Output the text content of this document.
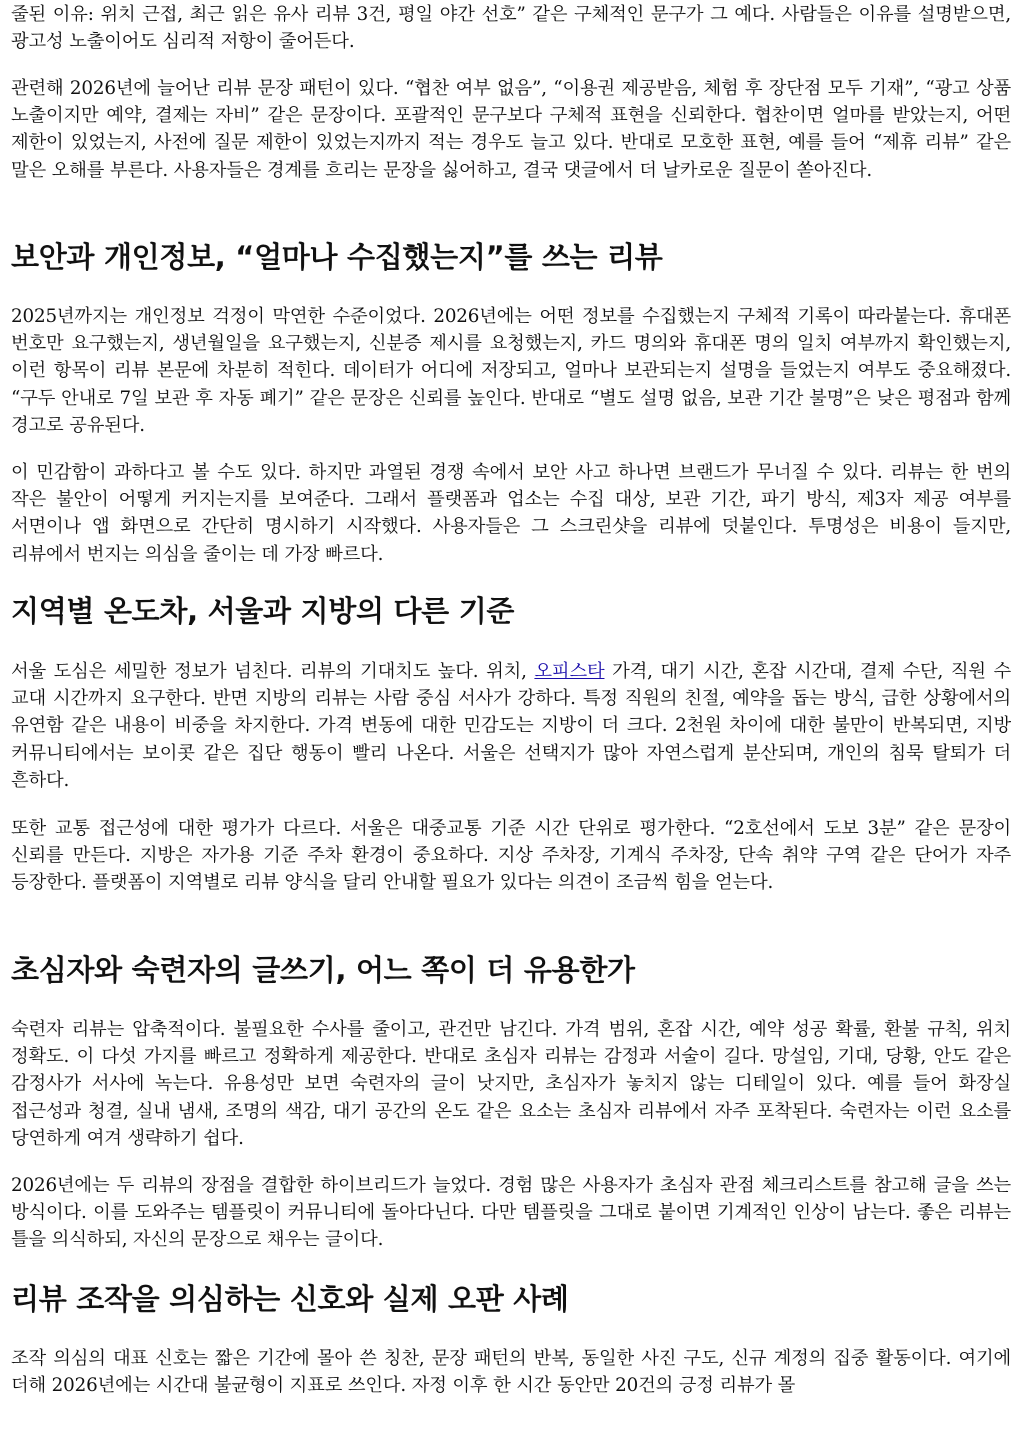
줄된 이유: 위치 근접, 최근 읽은 유사 리뷰 3건, 평일 야간 선호” 같은 구체적인 문구가 그 예다. 사람들은 이유를 설명받으면, 광고성 노출이어도 심리적 저항이 줄어든다.

관련해 2026년에 늘어난 리뷰 문장 패턴이 있다. “협찬 여부 없음”, “이용권 제공받음, 체험 후 장단점 모두 기재”, “광고 상품 노출이지만 예약, 결제는 자비” 같은 문장이다. 포괄적인 문구보다 구체적 표현을 신뢰한다. 협찬이면 얼마를 받았는지, 어떤 제한이 있었는지, 사전에 질문 제한이 있었는지까지 적는 경우도 늘고 있다. 반대로 모호한 표현, 예를 들어 “제휴 리뷰” 같은 말은 오해를 부른다. 사용자들은 경계를 흐리는 문장을 싫어하고, 결국 댓글에서 더 날카로운 질문이 쏟아진다.

보안과 개인정보, “얼마나 수집했는지”를 쓰는 리뷰

2025년까지는 개인정보 걱정이 막연한 수준이었다. 2026년에는 어떤 정보를 수집했는지 구체적 기록이 따라붙는다. 휴대폰 번호만 요구했는지, 생년월일을 요구했는지, 신분증 제시를 요청했는지, 카드 명의와 휴대폰 명의 일치 여부까지 확인했는지, 이런 항목이 리뷰 본문에 차분히 적힌다. 데이터가 어디에 저장되고, 얼마나 보관되는지 설명을 들었는지 여부도 중요해졌다. “구두 안내로 7일 보관 후 자동 폐기” 같은 문장은 신뢰를 높인다. 반대로 “별도 설명 없음, 보관 기간 불명”은 낮은 평점과 함께 경고로 공유된다.

이 민감함이 과하다고 볼 수도 있다. 하지만 과열된 경쟁 속에서 보안 사고 하나면 브랜드가 무너질 수 있다. 리뷰는 한 번의 작은 불안이 어떻게 커지는지를 보여준다. 그래서 플랫폼과 업소는 수집 대상, 보관 기간, 파기 방식, 제3자 제공 여부를 서면이나 앱 화면으로 간단히 명시하기 시작했다. 사용자들은 그 스크린샷을 리뷰에 덧붙인다. 투명성은 비용이 들지만, 리뷰에서 번지는 의심을 줄이는 데 가장 빠르다.

지역별 온도차, 서울과 지방의 다른 기준

서울 도심은 세밀한 정보가 넘친다. 리뷰의 기대치도 높다. 위치, 오피스타 가격, 대기 시간, 혼잡 시간대, 결제 수단, 직원 수 교대 시간까지 요구한다. 반면 지방의 리뷰는 사람 중심 서사가 강하다. 특정 직원의 친절, 예약을 돕는 방식, 급한 상황에서의 유연함 같은 내용이 비중을 차지한다. 가격 변동에 대한 민감도는 지방이 더 크다. 2천원 차이에 대한 불만이 반복되면, 지방 커뮤니티에서는 보이콧 같은 집단 행동이 빨리 나온다. 서울은 선택지가 많아 자연스럽게 분산되며, 개인의 침묵 탈퇴가 더 흔하다.

또한 교통 접근성에 대한 평가가 다르다. 서울은 대중교통 기준 시간 단위로 평가한다. “2호선에서 도보 3분” 같은 문장이 신뢰를 만든다. 지방은 자가용 기준 주차 환경이 중요하다. 지상 주차장, 기계식 주차장, 단속 취약 구역 같은 단어가 자주 등장한다. 플랫폼이 지역별로 리뷰 양식을 달리 안내할 필요가 있다는 의견이 조금씩 힘을 얻는다.

초심자와 숙련자의 글쓰기, 어느 쪽이 더 유용한가

숙련자 리뷰는 압축적이다. 불필요한 수사를 줄이고, 관건만 남긴다. 가격 범위, 혼잡 시간, 예약 성공 확률, 환불 규칙, 위치 정확도. 이 다섯 가지를 빠르고 정확하게 제공한다. 반대로 초심자 리뷰는 감정과 서술이 길다. 망설임, 기대, 당황, 안도 같은 감정사가 서사에 녹는다. 유용성만 보면 숙련자의 글이 낫지만, 초심자가 놓치지 않는 디테일이 있다. 예를 들어 화장실 접근성과 청결, 실내 냄새, 조명의 색감, 대기 공간의 온도 같은 요소는 초심자 리뷰에서 자주 포착된다. 숙련자는 이런 요소를 당연하게 여겨 생략하기 쉽다.

2026년에는 두 리뷰의 장점을 결합한 하이브리드가 늘었다. 경험 많은 사용자가 초심자 관점 체크리스트를 참고해 글을 쓰는 방식이다. 이를 도와주는 템플릿이 커뮤니티에 돌아다닌다. 다만 템플릿을 그대로 붙이면 기계적인 인상이 남는다. 좋은 리뷰는 틀을 의식하되, 자신의 문장으로 채우는 글이다.

리뷰 조작을 의심하는 신호와 실제 오판 사례

조작 의심의 대표 신호는 짧은 기간에 몰아 쓴 칭찬, 문장 패턴의 반복, 동일한 사진 구도, 신규 계정의 집중 활동이다. 여기에 더해 2026년에는 시간대 불균형이 지표로 쓰인다. 자정 이후 한 시간 동안만 20건의 긍정 리뷰가 몰
